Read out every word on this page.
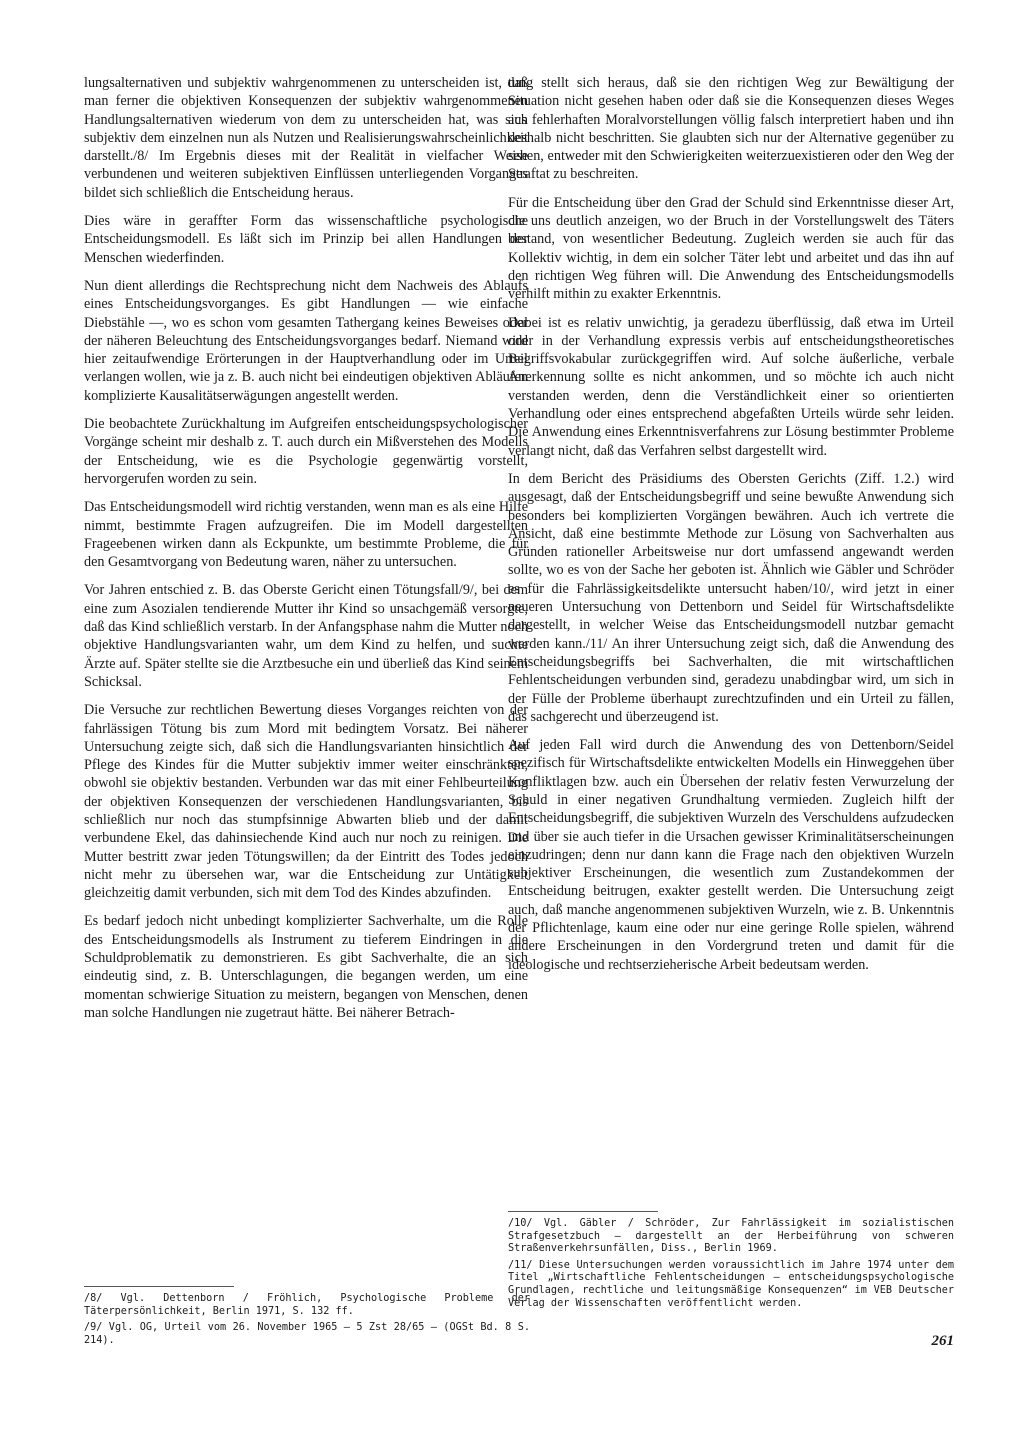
lungsalternativen und subjektiv wahrgenommenen zu unterscheiden ist, daß man ferner die objektiven Konsequenzen der subjektiv wahrgenommenen Handlungsalternativen wiederum von dem zu unterscheiden hat, was sich subjektiv dem einzelnen nun als Nutzen und Realisierungswahrscheinlichkeit darstellt./8/ Im Ergebnis dieses mit der Realität in vielfacher Weise verbundenen und weiteren subjektiven Einflüssen unterliegenden Vorganges bildet sich schließlich die Entscheidung heraus.

Dies wäre in geraffter Form das wissenschaftliche psychologische Entscheidungsmodell. Es läßt sich im Prinzip bei allen Handlungen der Menschen wiederfinden.

Nun dient allerdings die Rechtsprechung nicht dem Nachweis des Ablaufs eines Entscheidungsvorganges. Es gibt Handlungen — wie einfache Diebstähle —, wo es schon vom gesamten Tathergang keines Beweises oder der näheren Beleuchtung des Entscheidungsvorganges bedarf. Niemand wird hier zeitaufwendige Erörterungen in der Hauptverhandlung oder im Urteil verlangen wollen, wie ja z. B. auch nicht bei eindeutigen objektiven Abläufen komplizierte Kausalitätserwägungen angestellt werden.

Die beobachtete Zurückhaltung im Aufgreifen entscheidungspsychologischer Vorgänge scheint mir deshalb z. T. auch durch ein Mißverstehen des Modells der Entscheidung, wie es die Psychologie gegenwärtig vorstellt, hervorgerufen worden zu sein.

Das Entscheidungsmodell wird richtig verstanden, wenn man es als eine Hilfe nimmt, bestimmte Fragen aufzugreifen. Die im Modell dargestellten Frageebenen wirken dann als Eckpunkte, um bestimmte Probleme, die für den Gesamtvorgang von Bedeutung waren, näher zu untersuchen.

Vor Jahren entschied z. B. das Oberste Gericht einen Tötungsfall/9/, bei dem eine zum Asozialen tendierende Mutter ihr Kind so unsachgemäß versorgte, daß das Kind schließlich verstarb. In der Anfangsphase nahm die Mutter noch objektive Handlungsvarianten wahr, um dem Kind zu helfen, und suchte Ärzte auf. Später stellte sie die Arztbesuche ein und überließ das Kind seinem Schicksal.

Die Versuche zur rechtlichen Bewertung dieses Vorganges reichten von der fahrlässigen Tötung bis zum Mord mit bedingtem Vorsatz. Bei näherer Untersuchung zeigte sich, daß sich die Handlungsvarianten hinsichtlich der Pflege des Kindes für die Mutter subjektiv immer weiter einschränkten, obwohl sie objektiv bestanden. Verbunden war das mit einer Fehlbeurteilung der objektiven Konsequenzen der verschiedenen Handlungsvarianten, bis schließlich nur noch das stumpfsinnige Abwarten blieb und der damit verbundene Ekel, das dahinsiechende Kind auch nur noch zu reinigen. Die Mutter bestritt zwar jeden Tötungswillen; da der Eintritt des Todes jedoch nicht mehr zu übersehen war, war die Entscheidung zur Untätigkeit gleichzeitig damit verbunden, sich mit dem Tod des Kindes abzufinden.

Es bedarf jedoch nicht unbedingt komplizierter Sachverhalte, um die Rolle des Entscheidungsmodells als Instrument zu tieferem Eindringen in die Schuldproblematik zu demonstrieren. Es gibt Sachverhalte, die an sich eindeutig sind, z. B. Unterschlagungen, die begangen werden, um eine momentan schwierige Situation zu meistern, begangen von Menschen, denen man solche Handlungen nie zugetraut hätte. Bei näherer Betrach-

/8/ Vgl. Dettenborn / Fröhlich, Psychologische Probleme der Täterpersönlichkeit, Berlin 1971, S. 132 ff.

/9/ Vgl. OG, Urteil vom 26. November 1965 — 5 Zst 28/65 — (OGSt Bd. 8 S. 214).

tung stellt sich heraus, daß sie den richtigen Weg zur Bewältigung der Situation nicht gesehen haben oder daß sie die Konsequenzen dieses Weges aus fehlerhaften Moralvorstellungen völlig falsch interpretiert haben und ihn deshalb nicht beschritten. Sie glaubten sich nur der Alternative gegenüber zu sehen, entweder mit den Schwierigkeiten weiterzuexistieren oder den Weg der Straftat zu beschreiten.

Für die Entscheidung über den Grad der Schuld sind Erkenntnisse dieser Art, die uns deutlich anzeigen, wo der Bruch in der Vorstellungswelt des Täters bestand, von wesentlicher Bedeutung. Zugleich werden sie auch für das Kollektiv wichtig, in dem ein solcher Täter lebt und arbeitet und das ihn auf den richtigen Weg führen will. Die Anwendung des Entscheidungsmodells verhilft mithin zu exakter Erkenntnis.

Dabei ist es relativ unwichtig, ja geradezu überflüssig, daß etwa im Urteil oder in der Verhandlung expressis verbis auf entscheidungstheoretisches Begriffsvokabular zurückgegriffen wird. Auf solche äußerliche, verbale Anerkennung sollte es nicht ankommen, und so möchte ich auch nicht verstanden werden, denn die Verständlichkeit einer so orientierten Verhandlung oder eines entsprechend abgefaßten Urteils würde sehr leiden. Die Anwendung eines Erkenntnisverfahrens zur Lösung bestimmter Probleme verlangt nicht, daß das Verfahren selbst dargestellt wird.

In dem Bericht des Präsidiums des Obersten Gerichts (Ziff. 1.2.) wird ausgesagt, daß der Entscheidungsbegriff und seine bewußte Anwendung sich besonders bei komplizierten Vorgängen bewähren. Auch ich vertrete die Ansicht, daß eine bestimmte Methode zur Lösung von Sachverhalten aus Gründen rationeller Arbeitsweise nur dort umfassend angewandt werden sollte, wo es von der Sache her geboten ist. Ähnlich wie Gäbler und Schröder es für die Fahrlässigkeitsdelikte untersucht haben/10/, wird jetzt in einer neueren Untersuchung von Dettenborn und Seidel für Wirtschaftsdelikte dargestellt, in welcher Weise das Entscheidungsmodell nutzbar gemacht werden kann./11/ An ihrer Untersuchung zeigt sich, daß die Anwendung des Entscheidungsbegriffs bei Sachverhalten, die mit wirtschaftlichen Fehlentscheidungen verbunden sind, geradezu unabdingbar wird, um sich in der Fülle der Probleme überhaupt zurechtzufinden und ein Urteil zu fällen, das sachgerecht und überzeugend ist.

Auf jeden Fall wird durch die Anwendung des von Dettenborn/Seidel spezifisch für Wirtschaftsdelikte entwickelten Modells ein Hinweggehen über Konfliktlagen bzw. auch ein Übersehen der relativ festen Verwurzelung der Schuld in einer negativen Grundhaltung vermieden. Zugleich hilft der Entscheidungsbegriff, die subjektiven Wurzeln des Verschuldens aufzudecken und über sie auch tiefer in die Ursachen gewisser Kriminalitätserscheinungen einzudringen; denn nur dann kann die Frage nach den objektiven Wurzeln subjektiver Erscheinungen, die wesentlich zum Zustandekommen der Entscheidung beitrugen, exakter gestellt werden. Die Untersuchung zeigt auch, daß manche angenommenen subjektiven Wurzeln, wie z. B. Unkenntnis der Pflichtenlage, kaum eine oder nur eine geringe Rolle spielen, während andere Erscheinungen in den Vordergrund treten und damit für die ideologische und rechtserzieherische Arbeit bedeutsam werden.

/10/ Vgl. Gäbler / Schröder, Zur Fahrlässigkeit im sozialistischen Strafgesetzbuch — dargestellt an der Herbeiführung von schweren Straßenverkehrsunfällen, Diss., Berlin 1969.

/11/ Diese Untersuchungen werden voraussichtlich im Jahre 1974 unter dem Titel „Wirtschaftliche Fehlentscheidungen — entscheidungspsychologische Grundlagen, rechtliche und leitungsmäßige Konsequenzen“ im VEB Deutscher Verlag der Wissenschaften veröffentlicht werden.

261
